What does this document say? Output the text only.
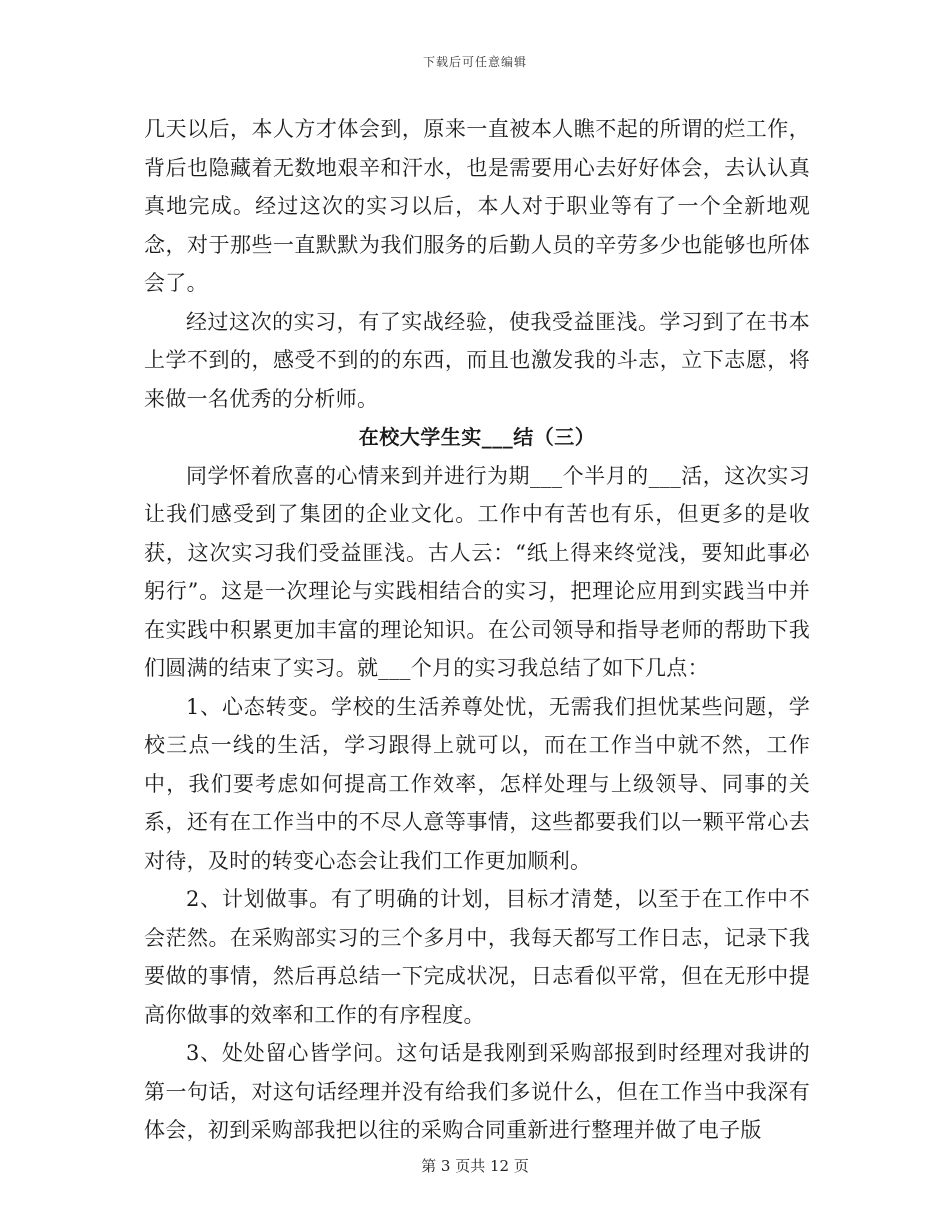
下载后可任意编辑

几天以后，本人方才体会到，原来一直被本人瞧不起的所谓的烂工作，背后也隐藏着无数地艰辛和汗水，也是需要用心去好好体会，去认认真真地完成。经过这次的实习以后，本人对于职业等有了一个全新地观念，对于那些一直默默为我们服务的后勤人员的辛劳多少也能够也所体会了。

经过这次的实习，有了实战经验，使我受益匪浅。学习到了在书本上学不到的，感受不到的的东西，而且也激发我的斗志，立下志愿，将来做一名优秀的分析师。

在校大学生实___结（三）

同学怀着欣喜的心情来到并进行为期___个半月的___活，这次实习让我们感受到了集团的企业文化。工作中有苦也有乐，但更多的是收获，这次实习我们受益匪浅。古人云：“纸上得来终觉浅，要知此事必躬行”。这是一次理论与实践相结合的实习，把理论应用到实践当中并在实践中积累更加丰富的理论知识。在公司领导和指导老师的帮助下我们圆满的结束了实习。就___个月的实习我总结了如下几点：

1、心态转变。学校的生活养尊处忧，无需我们担忧某些问题，学校三点一线的生活，学习跟得上就可以，而在工作当中就不然，工作中，我们要考虑如何提高工作效率，怎样处理与上级领导、同事的关系，还有在工作当中的不尽人意等事情，这些都要我们以一颗平常心去对待，及时的转变心态会让我们工作更加顺利。

2、计划做事。有了明确的计划，目标才清楚，以至于在工作中不会茫然。在采购部实习的三个多月中，我每天都写工作日志，记录下我要做的事情，然后再总结一下完成状况，日志看似平常，但在无形中提高你做事的效率和工作的有序程度。

3、处处留心皆学问。这句话是我刚到采购部报到时经理对我讲的第一句话，对这句话经理并没有给我们多说什么，但在工作当中我深有体会，初到采购部我把以往的采购合同重新进行整理并做了电子版

第 3 页共 12 页
